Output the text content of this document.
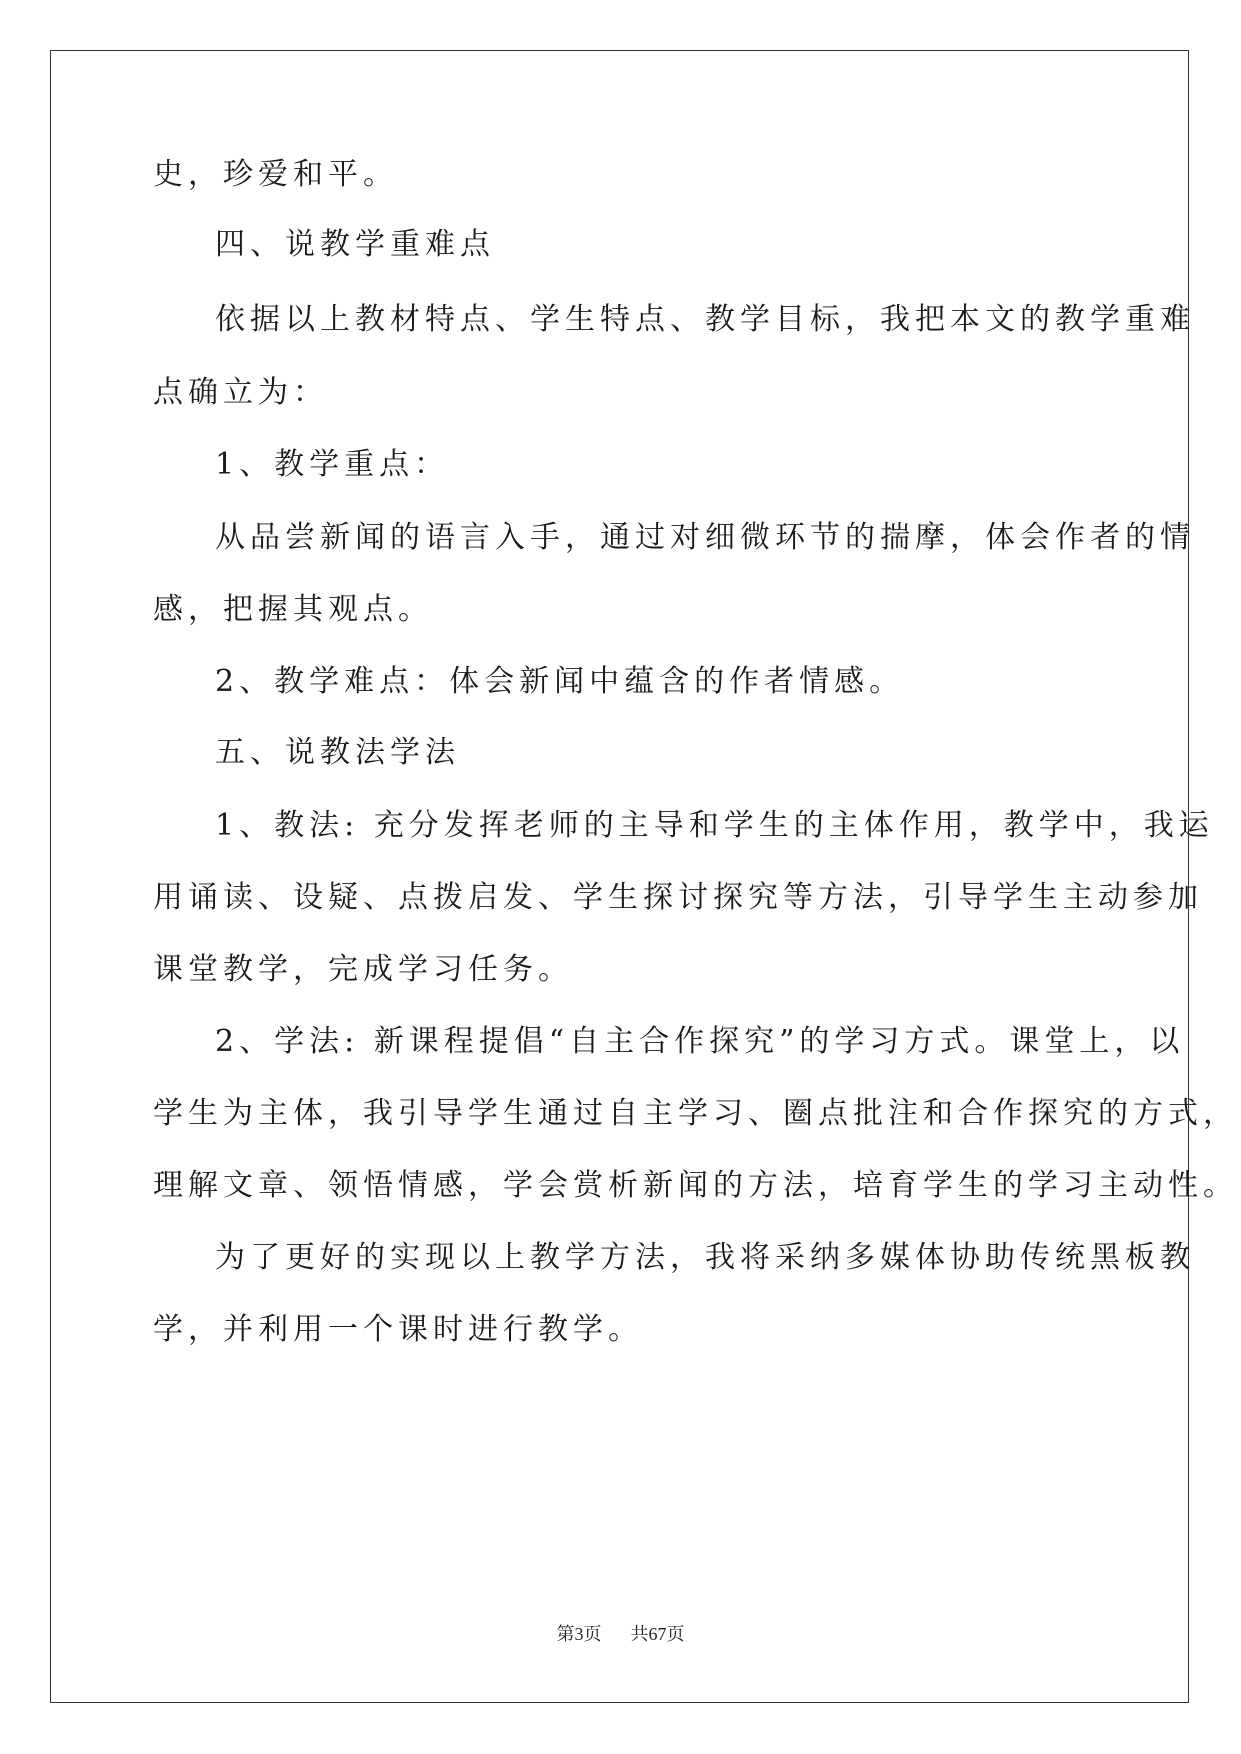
史，珍爱和平。
四、说教学重难点
依据以上教材特点、学生特点、教学目标，我把本文的教学重难
点确立为：
1、教学重点：
从品尝新闻的语言入手，通过对细微环节的揣摩，体会作者的情
感，把握其观点。
2、教学难点：体会新闻中蕴含的作者情感。
五、说教法学法
1、教法: 充分发挥老师的主导和学生的主体作用，教学中，我运
用诵读、设疑、点拨启发、学生探讨探究等方法，引导学生主动参加
课堂教学，完成学习任务。
2、学法: 新课程提倡“自主合作探究”的学习方式。课堂上，以
学生为主体，我引导学生通过自主学习、圈点批注和合作探究的方式，
理解文章、领悟情感，学会赏析新闻的方法，培育学生的学习主动性。
为了更好的实现以上教学方法，我将采纳多媒体协助传统黑板教
学，并利用一个课时进行教学。
第3页 共67页
